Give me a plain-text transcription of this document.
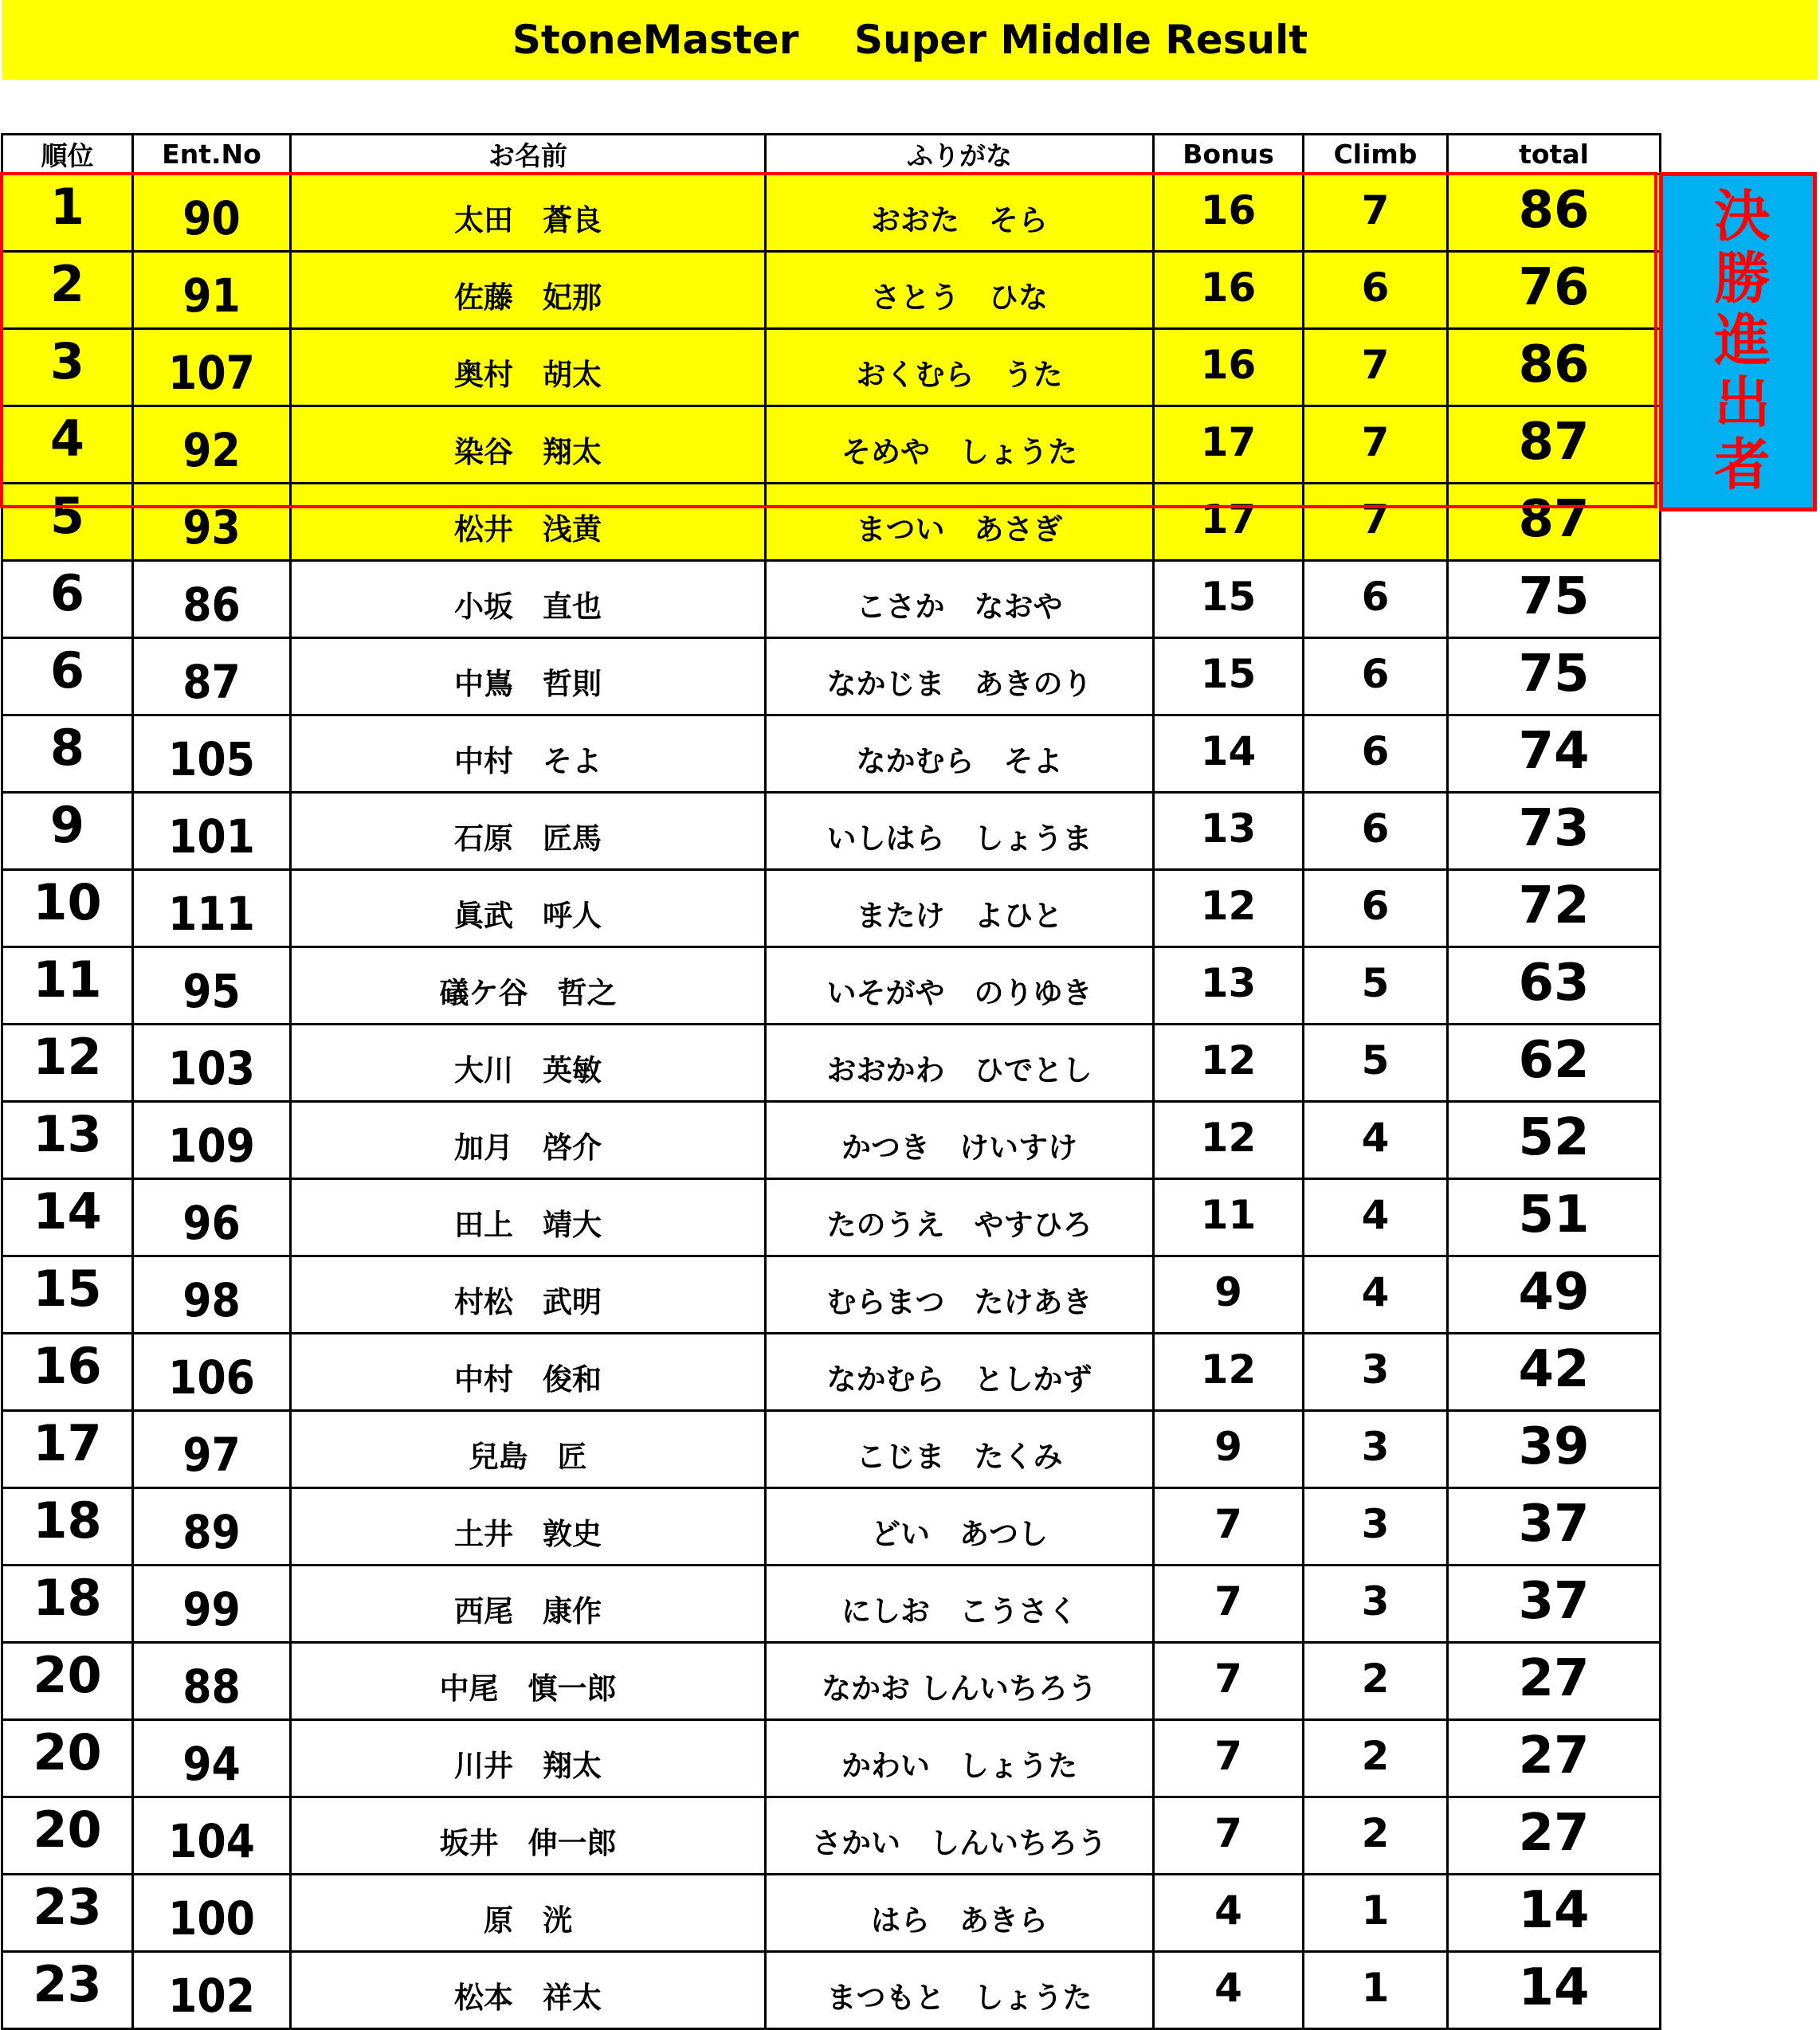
StoneMaster
Super Middle Result
順位	Ent.No	お名前	ふりがな	Bonus	Climb	total
1	90	太田　蒼良	おおた　そら	16	7	86
2	91	佐藤　妃那	さとう　ひな	16	6	76
3	107	奥村　胡太	おくむら　うた	16	7	86
4	92	染谷　翔太	そめや　しょうた	17	7	87
5	93	松井　浅黄	まつい　あさぎ	17	7	87
6	86	小坂　直也	こさか　なおや	15	6	75
6	87	中嶌　哲則	なかじま　あきのり	15	6	75
8	105	中村　そよ	なかむら　そよ	14	6	74
9	101	石原　匠馬	いしはら　しょうま	13	6	73
10	111	眞武　呼人	またけ　よひと	12	6	72
11	95	礒ケ谷　哲之	いそがや　のりゆき	13	5	63
12	103	大川　英敏	おおかわ　ひでとし	12	5	62
13	109	加月　啓介	かつき　けいすけ	12	4	52
14	96	田上　靖大	たのうえ　やすひろ	11	4	51
15	98	村松　武明	むらまつ　たけあき	9	4	49
16	106	中村　俊和	なかむら　としかず	12	3	42
17	97	兒島　匠	こじま　たくみ	9	3	39
18	89	土井　敦史	どい　あつし	7	3	37
18	99	西尾　康作	にしお　こうさく	7	3	37
20	88	中尾　慎一郎	なかお しんいちろう	7	2	27
20	94	川井　翔太	かわい　しょうた	7	2	27
20	104	坂井　伸一郎	さかい　しんいちろう	7	2	27
23	100	原　洸	はら　あきら	4	1	14
23	102	松本　祥太	まつもと　しょうた	4	1	14
決勝進出者
